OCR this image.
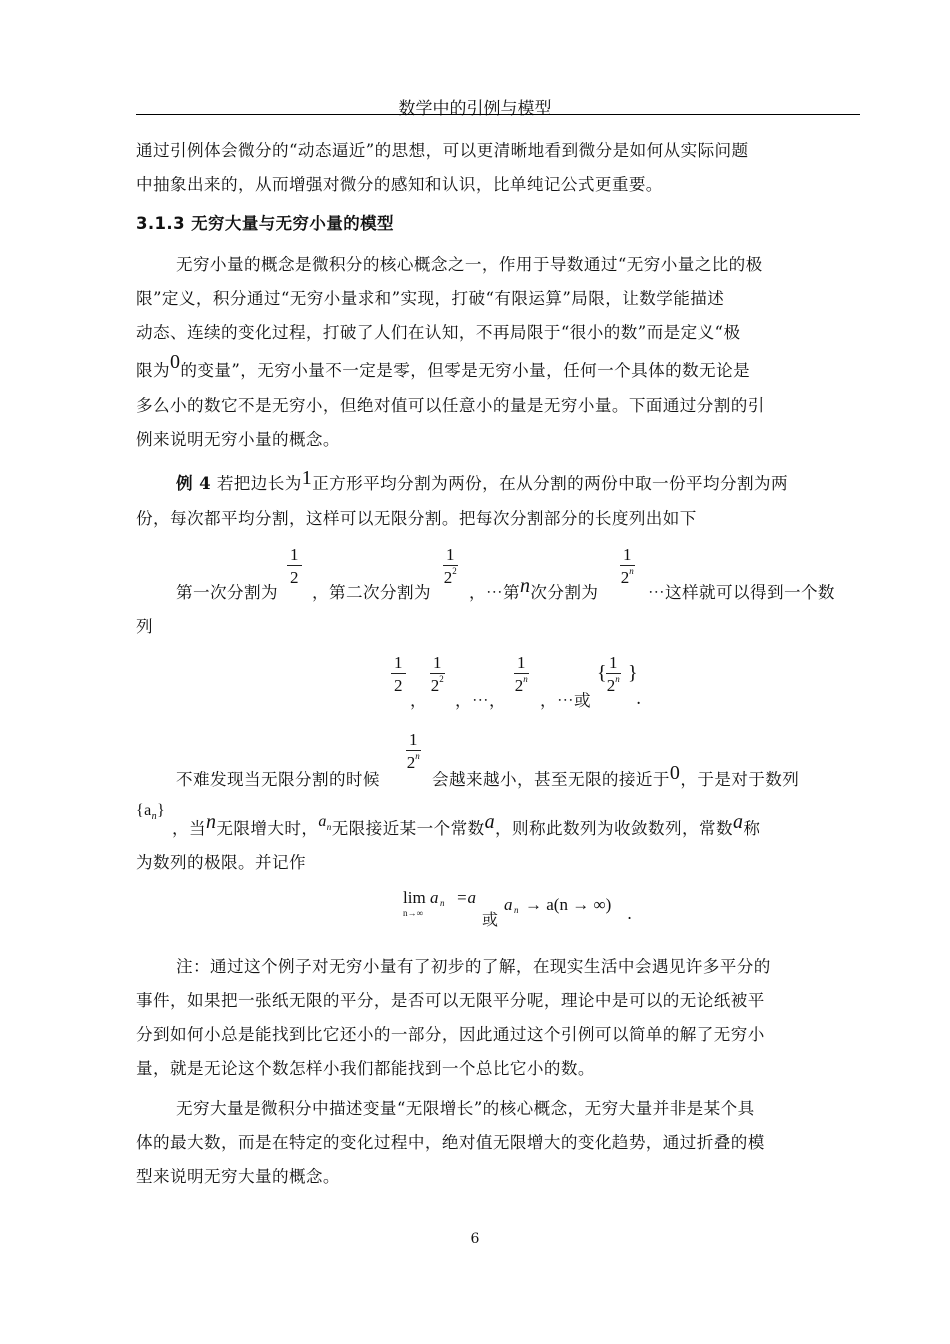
数学中的引例与模型
通过引例体会微分的“动态逼近”的思想，可以更清晰地看到微分是如何从实际问题
中抽象出来的，从而增强对微分的感知和认识，比单纯记公式更重要。
3.1.3 无穷大量与无穷小量的模型
无穷小量的概念是微积分的核心概念之一，作用于导数通过“无穷小量之比的极
限”定义，积分通过“无穷小量求和”实现，打破“有限运算”局限，让数学能描述
动态、连续的变化过程，打破了人们在认知，不再局限于“很小的数”而是定义“极
限为0的变量”，无穷小量不一定是零，但零是无穷小量，任何一个具体的数无论是
多么小的数它不是无穷小，但绝对值可以任意小的量是无穷小量。下面通过分割的引
例来说明无穷小量的概念。
例 4 若把边长为1正方形平均分割为两份，在从分割的两份中取一份平均分割为两
份，每次都平均分割，这样可以无限分割。把每次分割部分的长度列出如下
第一次分割为
1
2
，第二次分割为
1
$2^2$
，⋯第n次分割为
1
2$^n$
⋯这样就可以得到一个数
列
1
2
，
1
$2^2$
，⋯，
1
2$^n$
，⋯或
{ 1
2$^n$ }
.
1
2$^n$
不难发现当无限分割的时候	会越来越小，甚至无限的接近于0，于是对于数列
$\{a_n\}$
，当n无限增大时，$a_n$无限接近某一个常数a，则称此数列为收敛数列，常数a称
为数列的极限。并记作
lim
n→∞
a n =a
或
a n → a(n → ∞) .
注：通过这个例子对无穷小量有了初步的了解，在现实生活中会遇见许多平分的
事件，如果把一张纸无限的平分，是否可以无限平分呢，理论中是可以的无论纸被平
分到如何小总是能找到比它还小的一部分，因此通过这个引例可以简单的解了无穷小
量，就是无论这个数怎样小我们都能找到一个总比它小的数。
无穷大量是微积分中描述变量“无限增长”的核心概念，无穷大量并非是某个具
体的最大数，而是在特定的变化过程中，绝对值无限增大的变化趋势，通过折叠的模
型来说明无穷大量的概念。
6
